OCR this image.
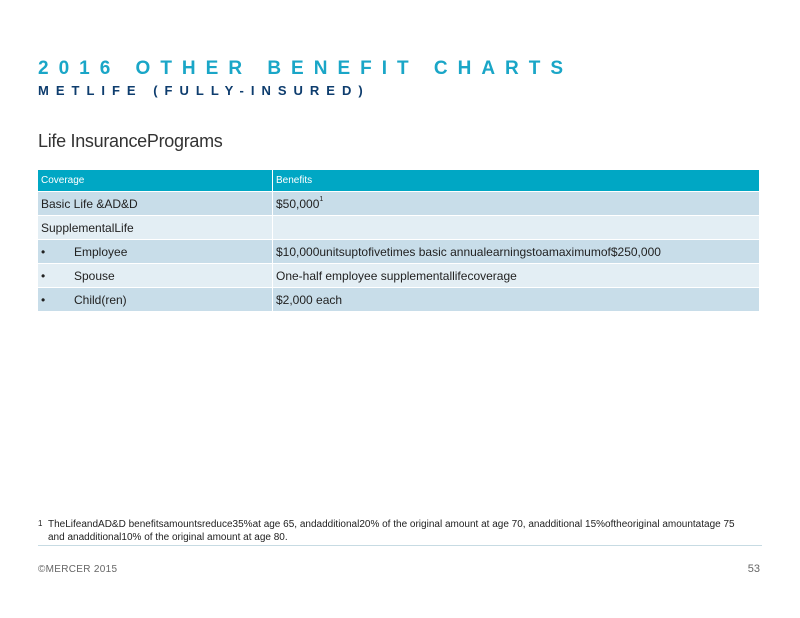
2016 OTHER BENEFIT CHARTS
METLIFE (FULLY-INSURED)
Life InsurancePrograms
Coverage	Benefits
Basic Life &AD&D	$50,000$^1$
SupplementalLife	
• Employee	$10,000unitsuptofivetimes basic annualearningstoamaximumof$250,000
• Spouse	One-half employee supplementallifecoverage
• Child(ren)	$2,000 each
1 TheLifeandAD&D benefitsamountsreduce35%at age 65, andadditional20% of the original amount at age 70, anadditional 15%oftheoriginal amountatage 75 and anadditional10% of the original amount at age 80.
©MERCER 2015	53
